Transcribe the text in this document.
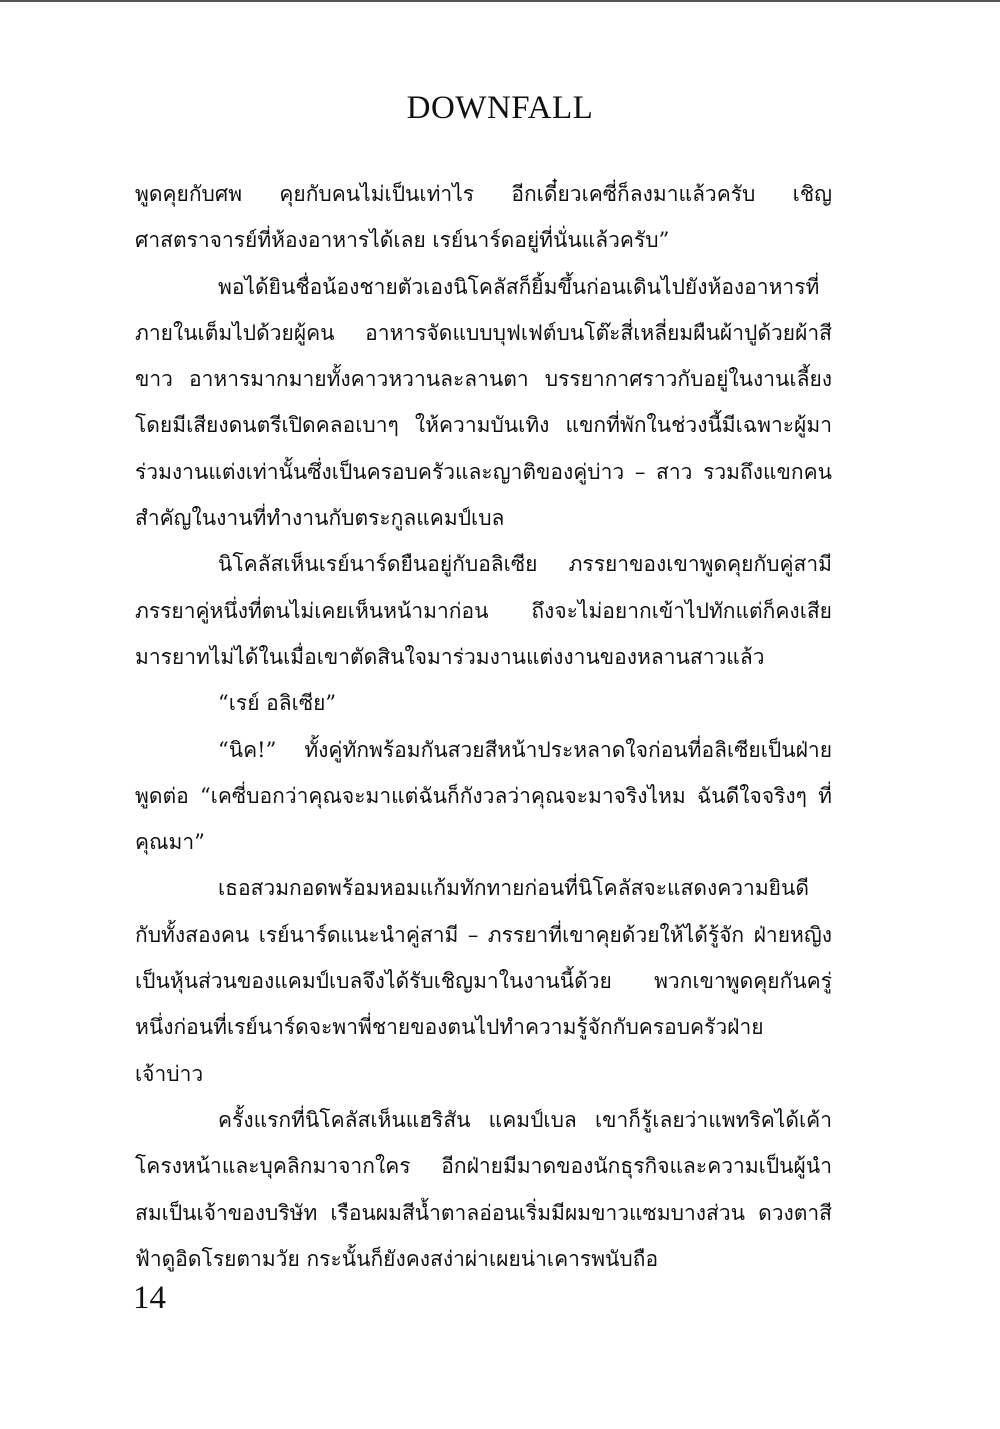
DOWNFALL

พูดคุยกับศพ คุยกับคนไม่เป็นเท่าไร อีกเดี๋ยวเคซี่ก็ลงมาแล้วครับ เชิญ
ศาสตราจารย์ที่ห้องอาหารได้เลย เรย์นาร์ดอยู่ที่นั่นแล้วครับ”

พอได้ยินชื่อน้องชายตัวเองนิโคลัสก็ยิ้มขึ้นก่อนเดินไปยังห้องอาหารที่
ภายในเต็มไปด้วยผู้คน อาหารจัดแบบบุฟเฟต์บนโต๊ะสี่เหลี่ยมผืนผ้าปูด้วยผ้าสี
ขาว อาหารมากมายทั้งคาวหวานละลานตา บรรยากาศราวกับอยู่ในงานเลี้ยง
โดยมีเสียงดนตรีเปิดคลอเบาๆ ให้ความบันเทิง แขกที่พักในช่วงนี้มีเฉพาะผู้มา
ร่วมงานแต่งเท่านั้นซึ่งเป็นครอบครัวและญาติของคู่บ่าว – สาว รวมถึงแขกคน
สำคัญในงานที่ทำงานกับตระกูลแคมป์เบล

นิโคลัสเห็นเรย์นาร์ดยืนอยู่กับอลิเซีย ภรรยาของเขาพูดคุยกับคู่สามี
ภรรยาคู่หนึ่งที่ตนไม่เคยเห็นหน้ามาก่อน ถึงจะไม่อยากเข้าไปทักแต่ก็คงเสีย
มารยาทไม่ได้ในเมื่อเขาตัดสินใจมาร่วมงานแต่งงานของหลานสาวแล้ว

“เรย์ อลิเซีย”

“นิค!” ทั้งคู่ทักพร้อมกันสวยสีหน้าประหลาดใจก่อนที่อลิเซียเป็นฝ่าย
พูดต่อ “เคซี่บอกว่าคุณจะมาแต่ฉันก็กังวลว่าคุณจะมาจริงไหม ฉันดีใจจริงๆ ที่
คุณมา”

เธอสวมกอดพร้อมหอมแก้มทักทายก่อนที่นิโคลัสจะแสดงความยินดี
กับทั้งสองคน เรย์นาร์ดแนะนำคู่สามี – ภรรยาที่เขาคุยด้วยให้ได้รู้จัก ฝ่ายหญิง
เป็นหุ้นส่วนของแคมป์เบลจึงได้รับเชิญมาในงานนี้ด้วย พวกเขาพูดคุยกันครู่
หนึ่งก่อนที่เรย์นาร์ดจะพาพี่ชายของตนไปทำความรู้จักกับครอบครัวฝ่าย
เจ้าบ่าว

ครั้งแรกที่นิโคลัสเห็นแฮริสัน แคมป์เบล เขาก็รู้เลยว่าแพทริคได้เค้า
โครงหน้าและบุคลิกมาจากใคร อีกฝ่ายมีมาดของนักธุรกิจและความเป็นผู้นำ
สมเป็นเจ้าของบริษัท เรือนผมสีน้ำตาลอ่อนเริ่มมีผมขาวแซมบางส่วน ดวงตาสี
ฟ้าดูอิดโรยตามวัย กระนั้นก็ยังคงสง่าผ่าเผยน่าเคารพนับถือ

14
